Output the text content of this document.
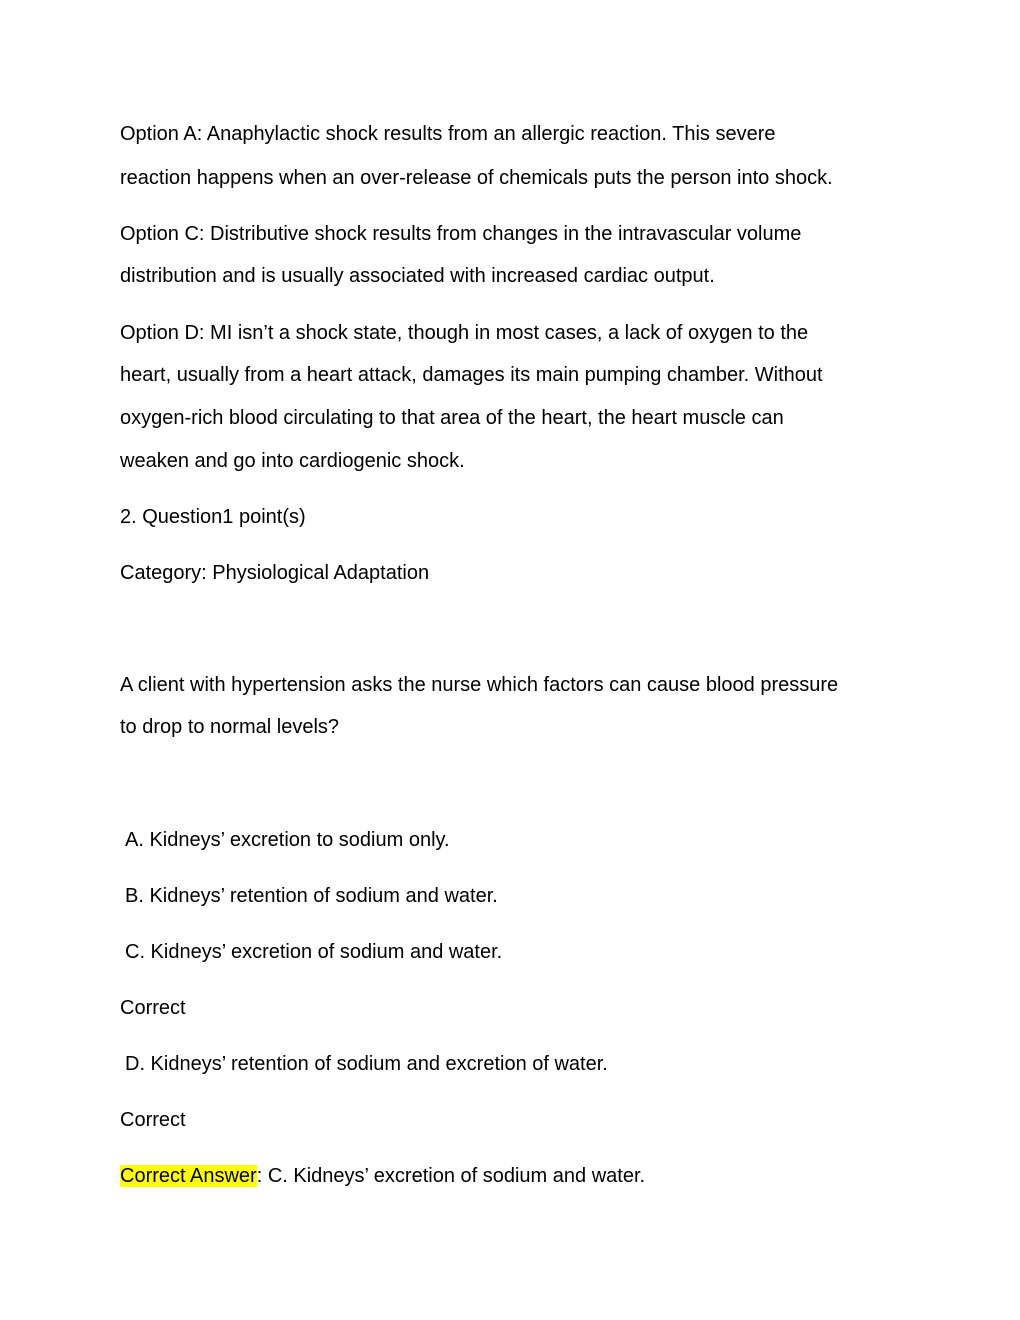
Option A: Anaphylactic shock results from an allergic reaction. This severe
reaction happens when an over-release of chemicals puts the person into shock.
Option C: Distributive shock results from changes in the intravascular volume
distribution and is usually associated with increased cardiac output.
Option D: MI isn’t a shock state, though in most cases, a lack of oxygen to the
heart, usually from a heart attack, damages its main pumping chamber. Without
oxygen-rich blood circulating to that area of the heart, the heart muscle can
weaken and go into cardiogenic shock.
2. Question1 point(s)
Category: Physiological Adaptation
A client with hypertension asks the nurse which factors can cause blood pressure
to drop to normal levels?
A. Kidneys’ excretion to sodium only.
B. Kidneys’ retention of sodium and water.
C. Kidneys’ excretion of sodium and water.
Correct
D. Kidneys’ retention of sodium and excretion of water.
Correct
Correct Answer: C. Kidneys’ excretion of sodium and water.
